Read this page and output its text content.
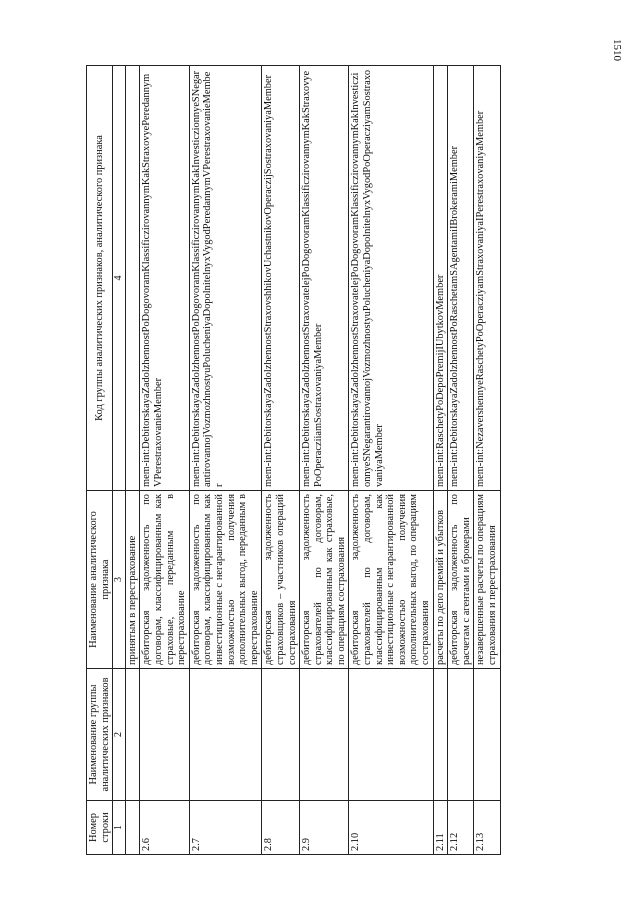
1510
Номер строки	Наименование группы аналитических признаков	Наименование аналитического признака	Код группы аналитических признаков, аналитического признака
1	2	3	4
		принятым в перестрахование	
2.6		дебиторская задолженность по договорам, классифицированным как страховые, переданным в перестрахование	mem-int:DebitorskayaZadolzhennostPoDogovoramKlassificzirovannymKakStraxovyePeredannymVPerestraxovanieMember
2.7		дебиторская задолженность по договорам, классифицированным как инвестиционные с негарантированной возможностью получения дополнительных выгод, переданным в перестрахование	mem-int:DebitorskayaZadolzhennostPoDogovoramKlassificzirovannymKakInvesticzionnyeSNegarantirovannojVozmozhnostyuPolucheniyaDopolnitelnyxVygodPeredannymVPerestraxovanieMember
2.8		дебиторская задолженность страховщиков – участников операций сострахования	mem-int:DebitorskayaZadolzhennostStraxovshhikovUchastnikovOperaczijSostraxovaniyaMember
2.9		дебиторская задолженность страхователей по договорам, классифицированным как страховые, по операциям сострахования	mem-int:DebitorskayaZadolzhennostStraxovatelejPoDogovoramKlassificzirovannymKakStraxovyePoOperaczii​amSostraxovaniyaMember
2.10		дебиторская задолженность страхователей по договорам, классифицированным как инвестиционные с негарантированной возможностью получения дополнительных выгод, по операциям сострахования	mem-int:DebitorskayaZadolzhennostStraxovatelejPoDogovoramKlassificzirovannymKakInvesticzionnyeSNegarantirovannojVozmozhnostyuPolucheniyaDopolnitelnyxVygodPoOperacziyamSostraxovaniyaMember
2.11		расчеты по депо премий и убытков	mem-int:RaschetyPoDepoPremijIUbytkovMember
2.12		дебиторская задолженность по расчетам с агентами и брокерами	mem-int:DebitorskayaZadolzhennostPoRaschetamSAgentamiIBrokeramiMember
2.13		незавершенные расчеты по операциям страхования и перестрахования	mem-int:NezavershennyeRaschetyPoOperacziyamStraxovaniyaIPerestraxovaniyaMember
